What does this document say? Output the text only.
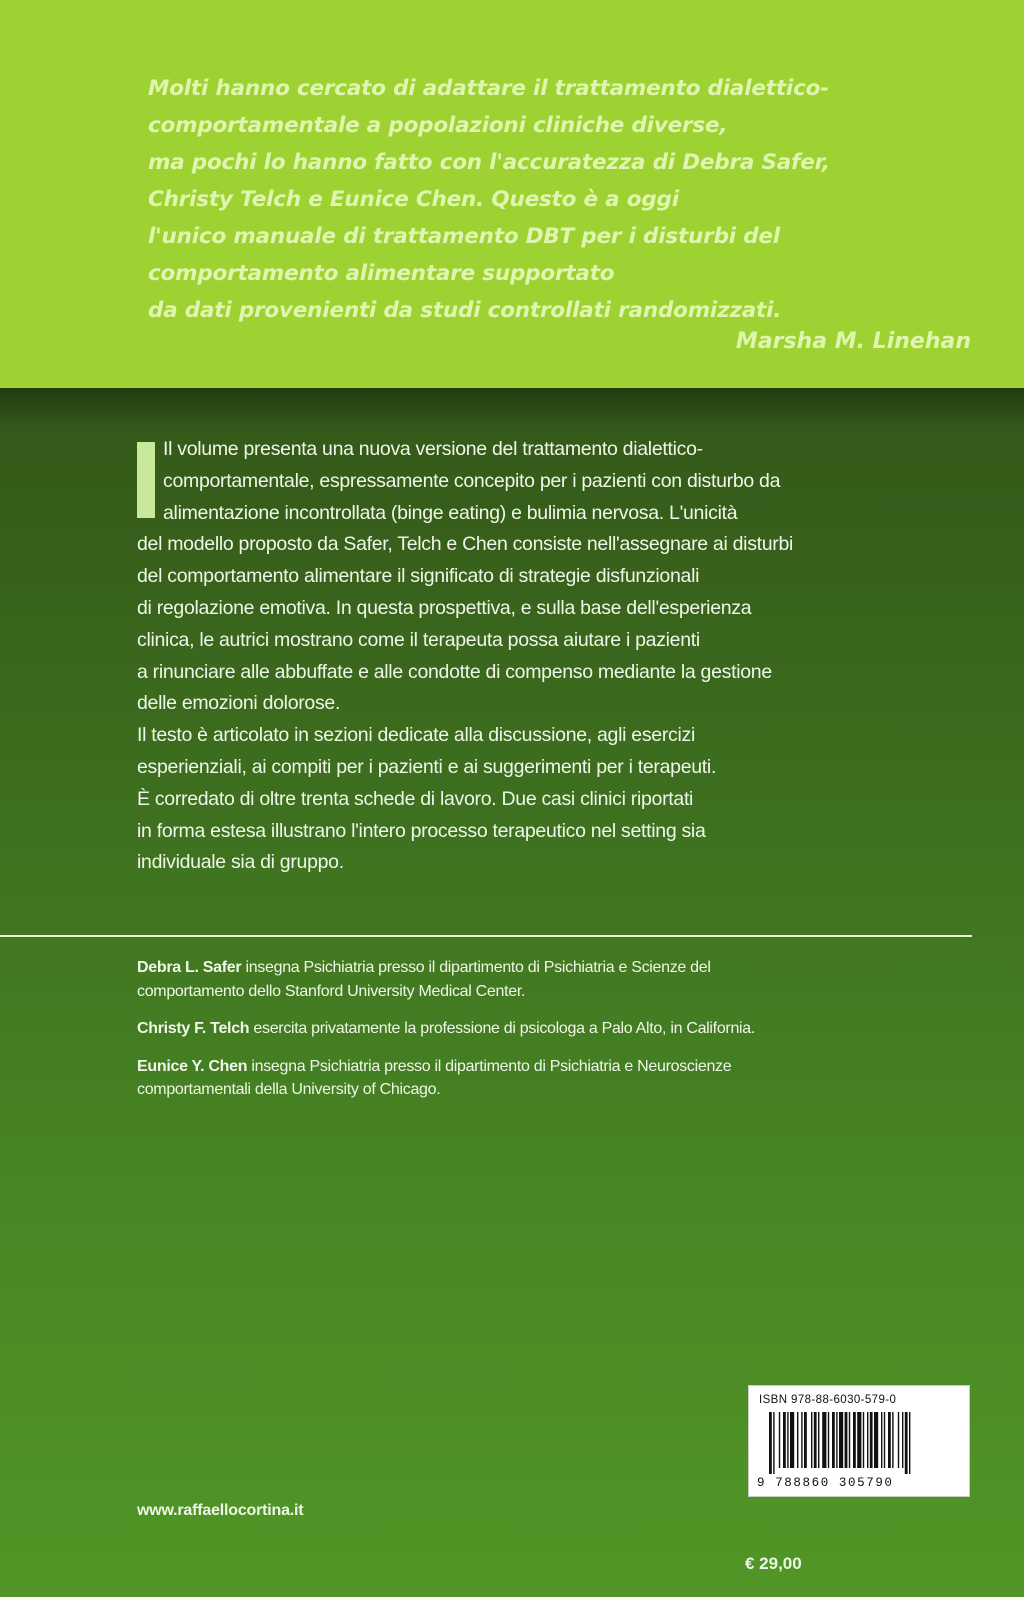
Molti hanno cercato di adattare il trattamento dialettico-
comportamentale a popolazioni cliniche diverse,
ma pochi lo hanno fatto con l'accuratezza di Debra Safer,
Christy Telch e Eunice Chen. Questo è a oggi
l'unico manuale di trattamento DBT per i disturbi del
comportamento alimentare supportato
da dati provenienti da studi controllati randomizzati.
Marsha M. Linehan
Il volume presenta una nuova versione del trattamento dialettico-
comportamentale, espressamente concepito per i pazienti con disturbo da
alimentazione incontrollata (binge eating) e bulimia nervosa. L'unicità
del modello proposto da Safer, Telch e Chen consiste nell'assegnare ai disturbi
del comportamento alimentare il significato di strategie disfunzionali
di regolazione emotiva. In questa prospettiva, e sulla base dell'esperienza
clinica, le autrici mostrano come il terapeuta possa aiutare i pazienti
a rinunciare alle abbuffate e alle condotte di compenso mediante la gestione
delle emozioni dolorose.
Il testo è articolato in sezioni dedicate alla discussione, agli esercizi
esperienziali, ai compiti per i pazienti e ai suggerimenti per i terapeuti.
È corredato di oltre trenta schede di lavoro. Due casi clinici riportati
in forma estesa illustrano l'intero processo terapeutico nel setting sia
individuale sia di gruppo.
Debra L. Safer insegna Psichiatria presso il dipartimento di Psichiatria e Scienze del
comportamento dello Stanford University Medical Center.
Christy F. Telch esercita privatamente la professione di psicologa a Palo Alto, in California.
Eunice Y. Chen insegna Psichiatria presso il dipartimento di Psichiatria e Neuroscienze
comportamentali della University of Chicago.
ISBN 978-88-6030-579-0
9 788860 305790
www.raffaellocortina.it
€ 29,00
